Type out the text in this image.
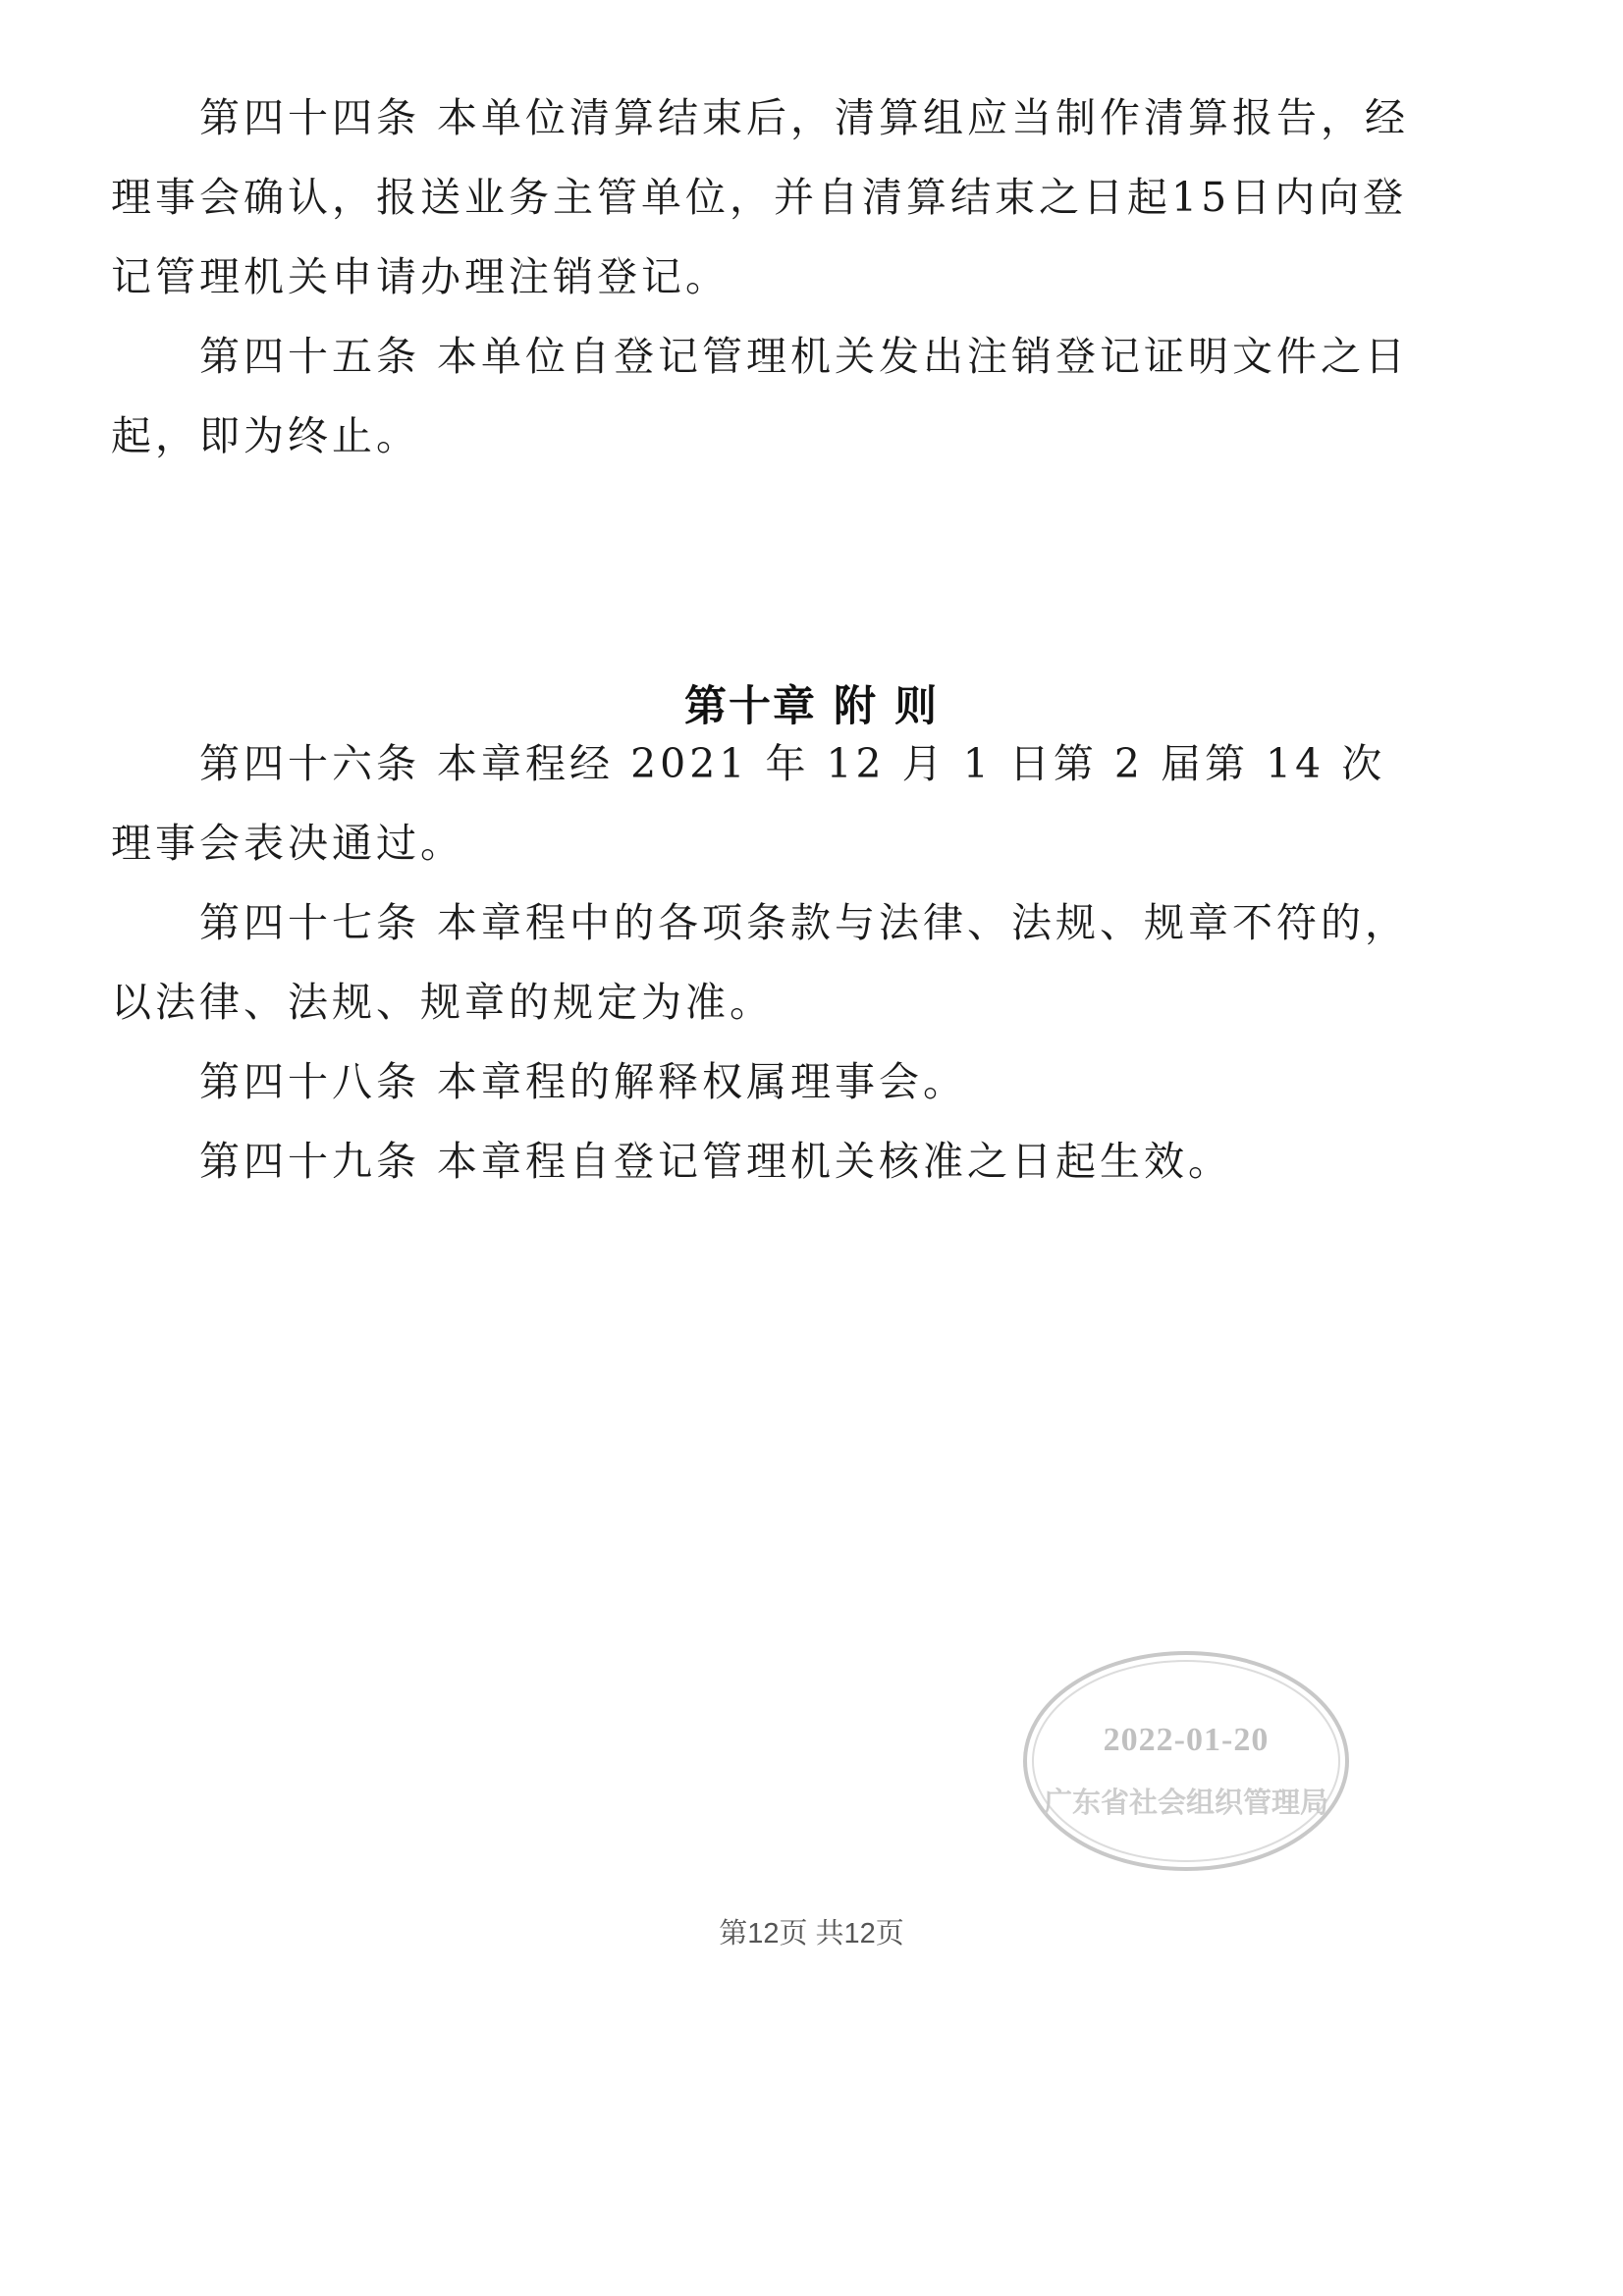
第四十四条 本单位清算结束后，清算组应当制作清算报告，经理事会确认，报送业务主管单位，并自清算结束之日起15日内向登记管理机关申请办理注销登记。

第四十五条 本单位自登记管理机关发出注销登记证明文件之日起，即为终止。

第十章 附 则

第四十六条 本章程经 2021 年 12 月 1 日第 2 届第 14 次理事会表决通过。

第四十七条 本章程中的各项条款与法律、法规、规章不符的，以法律、法规、规章的规定为准。

第四十八条 本章程的解释权属理事会。

第四十九条 本章程自登记管理机关核准之日起生效。

2022-01-20
广东省社会组织管理局
第12页 共12页
